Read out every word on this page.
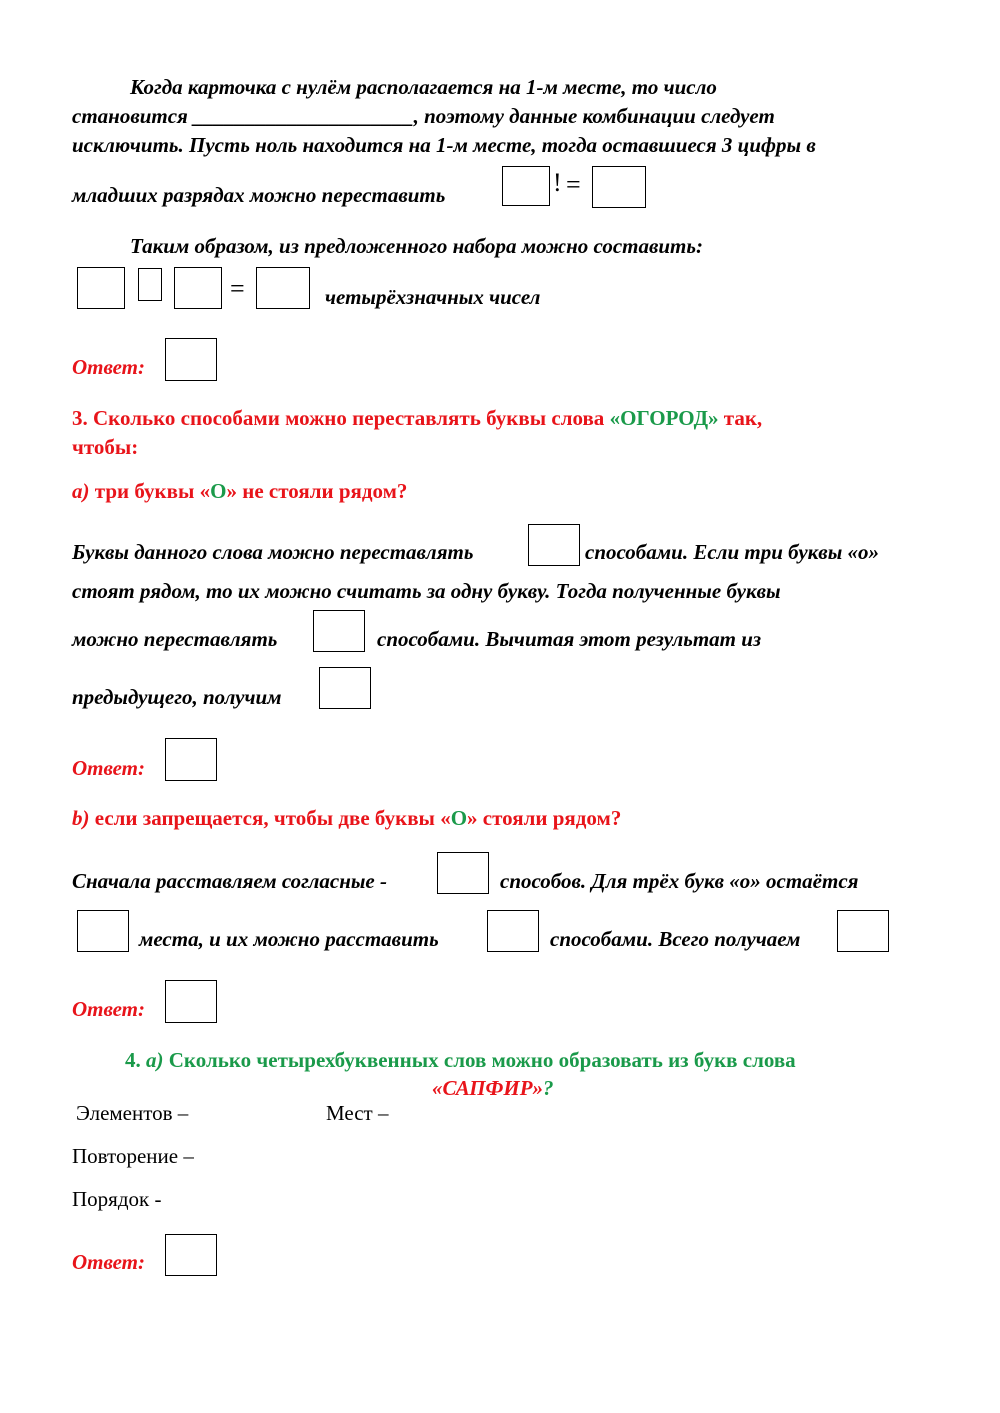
Когда карточка с нулём располагается на 1-м месте, то число
становится _____________________, поэтому данные комбинации следует
исключить. Пусть ноль находится на 1-м месте, тогда оставшиеся 3 цифры в
младших разрядах можно переставить	! =
Таким образом, из предложенного набора можно составить:
=	четырёхзначных чисел
Ответ:
3. Сколько способами можно переставлять буквы слова «ОГОРОД» так,
чтобы:
a) три буквы «О» не стояли рядом?
Буквы данного слова можно переставлять	способами. Если три буквы «о»
стоят рядом, то их можно считать за одну букву. Тогда полученные буквы
можно переставлять	способами. Вычитая этот результат из
предыдущего, получим
Ответ:
b) если запрещается, чтобы две буквы «О» стояли рядом?
Сначала расставляем согласные -	способов. Для трёх букв «о» остаётся
места, и их можно расставить	способами. Всего получаем
Ответ:
4. а) Сколько четырехбуквенных слов можно образовать из букв слова
«САПФИР»?
Элементов –	Мест –
Повторение –
Порядок -
Ответ:
